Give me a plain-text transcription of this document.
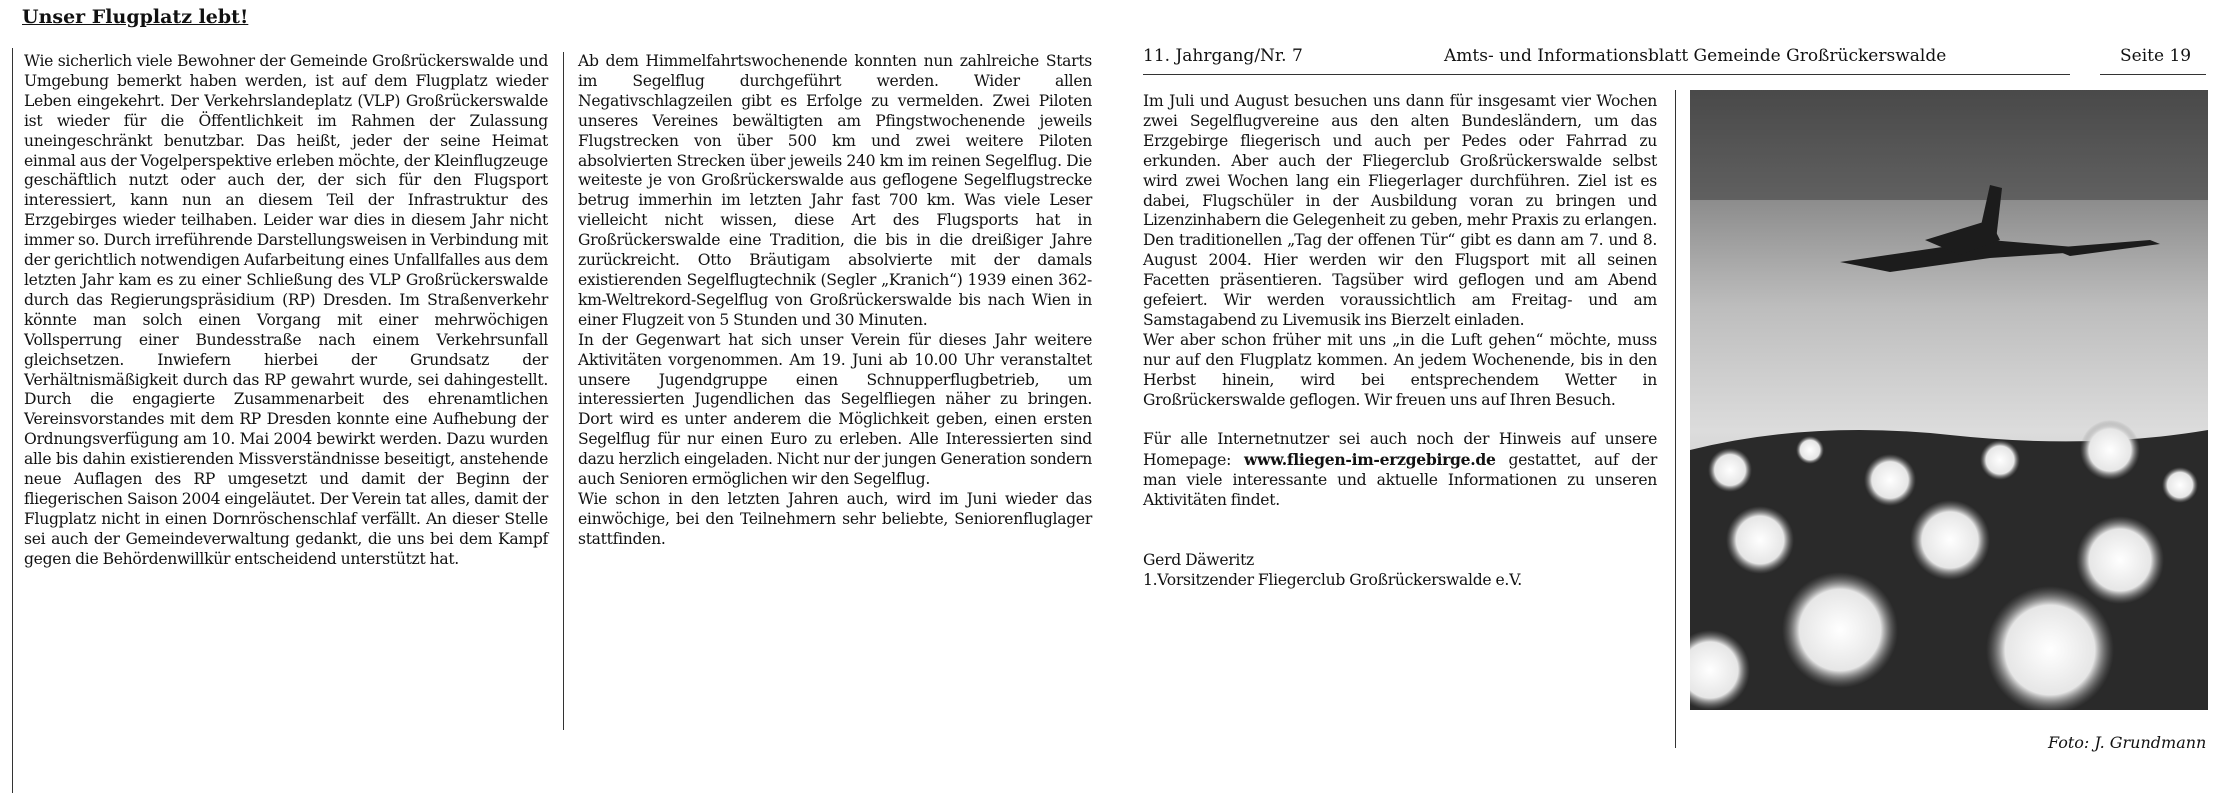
Unser Flugplatz lebt!

Wie sicherlich viele Bewohner der Gemeinde Großrückerswalde und Umgebung bemerkt haben werden, ist auf dem Flugplatz wieder Leben eingekehrt. Der Verkehrslandeplatz (VLP) Großrückerswalde ist wieder für die Öffentlichkeit im Rahmen der Zulassung uneingeschränkt benutzbar. Das heißt, jeder der seine Heimat einmal aus der Vogelperspektive erleben möchte, der Kleinflugzeuge geschäftlich nutzt oder auch der, der sich für den Flugsport interessiert, kann nun an diesem Teil der Infrastruktur des Erzgebirges wieder teilhaben. Leider war dies in diesem Jahr nicht immer so. Durch irreführende Darstellungsweisen in Verbindung mit der gerichtlich notwendigen Aufarbeitung eines Unfallfalles aus dem letzten Jahr kam es zu einer Schließung des VLP Großrückerswalde durch das Regierungspräsidium (RP) Dresden. Im Straßenverkehr könnte man solch einen Vorgang mit einer mehrwöchigen Vollsperrung einer Bundesstraße nach einem Verkehrsunfall gleichsetzen. Inwiefern hierbei der Grundsatz der Verhältnismäßigkeit durch das RP gewahrt wurde, sei dahingestellt. Durch die engagierte Zusammenarbeit des ehrenamtlichen Vereinsvorstandes mit dem RP Dresden konnte eine Aufhebung der Ordnungsverfügung am 10. Mai 2004 bewirkt werden. Dazu wurden alle bis dahin existierenden Missverständnisse beseitigt, anstehende neue Auflagen des RP umgesetzt und damit der Beginn der fliegerischen Saison 2004 eingeläutet. Der Verein tat alles, damit der Flugplatz nicht in einen Dornröschenschlaf verfällt. An dieser Stelle sei auch der Gemeindeverwaltung gedankt, die uns bei dem Kampf gegen die Behördenwillkür entscheidend unterstützt hat.

Ab dem Himmelfahrtswochenende konnten nun zahlreiche Starts im Segelflug durchgeführt werden. Wider allen Negativschlagzeilen gibt es Erfolge zu vermelden. Zwei Piloten unseres Vereines bewältigten am Pfingstwochenende jeweils Flugstrecken von über 500 km und zwei weitere Piloten absolvierten Strecken über jeweils 240 km im reinen Segelflug. Die weiteste je von Großrückerswalde aus geflogene Segelflugstrecke betrug immerhin im letzten Jahr fast 700 km. Was viele Leser vielleicht nicht wissen, diese Art des Flugsports hat in Großrückerswalde eine Tradition, die bis in die dreißiger Jahre zurückreicht. Otto Bräutigam absolvierte mit der damals existierenden Segelflugtechnik (Segler „Kranich“) 1939 einen 362-km-Weltrekord-Segelflug von Großrückerswalde bis nach Wien in einer Flugzeit von 5 Stunden und 30 Minuten.

In der Gegenwart hat sich unser Verein für dieses Jahr weitere Aktivitäten vorgenommen. Am 19. Juni ab 10.00 Uhr veranstaltet unsere Jugendgruppe einen Schnupperflugbetrieb, um interessierten Jugendlichen das Segelfliegen näher zu bringen. Dort wird es unter anderem die Möglichkeit geben, einen ersten Segelflug für nur einen Euro zu erleben. Alle Interessierten sind dazu herzlich eingeladen. Nicht nur der jungen Generation sondern auch Senioren ermöglichen wir den Segelflug.

Wie schon in den letzten Jahren auch, wird im Juni wieder das einwöchige, bei den Teilnehmern sehr beliebte, Seniorenfluglager stattfinden.

11. Jahrgang/Nr. 7	Amts- und Informationsblatt Gemeinde Großrückerswalde	Seite 19

Im Juli und August besuchen uns dann für insgesamt vier Wochen zwei Segelflugvereine aus den alten Bundesländern, um das Erzgebirge fliegerisch und auch per Pedes oder Fahrrad zu erkunden. Aber auch der Fliegerclub Großrückerswalde selbst wird zwei Wochen lang ein Fliegerlager durchführen. Ziel ist es dabei, Flugschüler in der Ausbildung voran zu bringen und Lizenzinhabern die Gelegenheit zu geben, mehr Praxis zu erlangen. Den traditionellen „Tag der offenen Tür“ gibt es dann am 7. und 8. August 2004. Hier werden wir den Flugsport mit all seinen Facetten präsentieren. Tagsüber wird geflogen und am Abend gefeiert. Wir werden voraussichtlich am Freitag- und am Samstagabend zu Livemusik ins Bierzelt einladen.

Wer aber schon früher mit uns „in die Luft gehen“ möchte, muss nur auf den Flugplatz kommen. An jedem Wochenende, bis in den Herbst hinein, wird bei entsprechendem Wetter in Großrückerswalde geflogen. Wir freuen uns auf Ihren Besuch.

Für alle Internetnutzer sei auch noch der Hinweis auf unsere Homepage: www.fliegen-im-erzgebirge.de gestattet, auf der man viele interessante und aktuelle Informationen zu unseren Aktivitäten findet.

Gerd Däweritz

1.Vorsitzender Fliegerclub Großrückerswalde e.V.

Foto: J. Grundmann
